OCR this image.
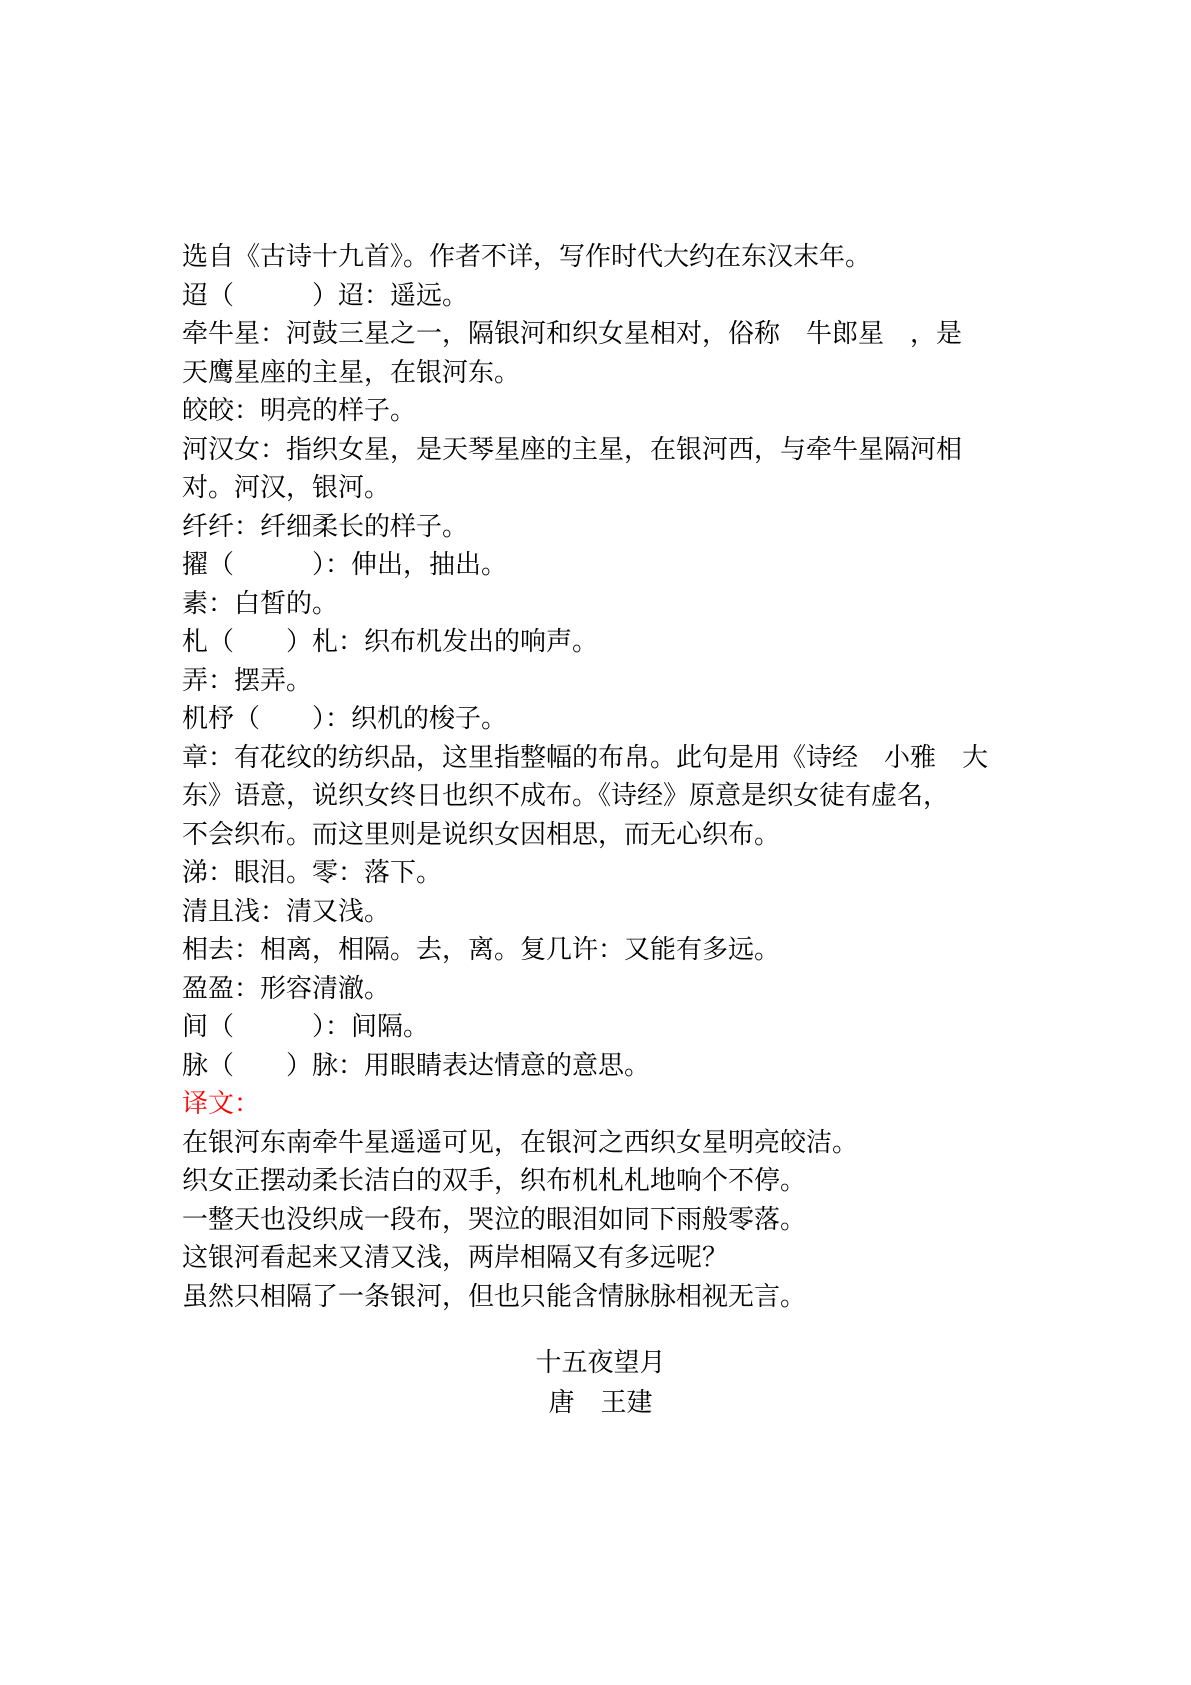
选自《古诗十九首》。作者不详，写作时代大约在东汉末年。
迢（　　　）迢：遥远。
牵牛星：河鼓三星之一，隔银河和织女星相对，俗称　牛郎星　，是
天鹰星座的主星，在银河东。
皎皎：明亮的样子。
河汉女：指织女星，是天琴星座的主星，在银河西，与牵牛星隔河相
对。河汉，银河。
纤纤：纤细柔长的样子。
擢（　　　）：伸出，抽出。
素：白皙的。
札（　　）札：织布机发出的响声。
弄：摆弄。
机杼（　　）：织机的梭子。
章：有花纹的纺织品，这里指整幅的布帛。此句是用《诗经　小雅　大
东》语意，说织女终日也织不成布。《诗经》原意是织女徒有虚名，
不会织布。而这里则是说织女因相思，而无心织布。
涕：眼泪。零：落下。
清且浅：清又浅。
相去：相离，相隔。去，离。复几许：又能有多远。
盈盈：形容清澈。
间（　　　）：间隔。
脉（　　）脉：用眼睛表达情意的意思。
译文：
在银河东南牵牛星遥遥可见，在银河之西织女星明亮皎洁。
织女正摆动柔长洁白的双手，织布机札札地响个不停。
一整天也没织成一段布，哭泣的眼泪如同下雨般零落。
这银河看起来又清又浅，两岸相隔又有多远呢？
虽然只相隔了一条银河，但也只能含情脉脉相视无言。
十五夜望月
唐　王建
